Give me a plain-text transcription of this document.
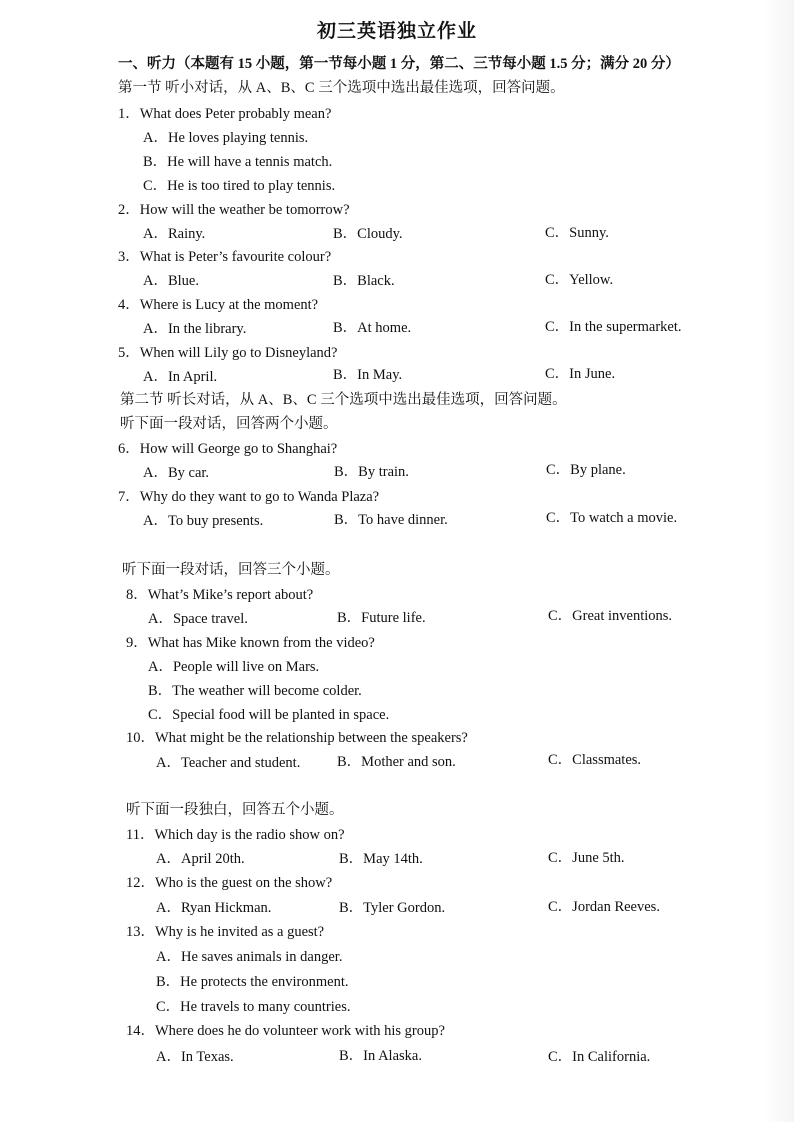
初三英语独立作业
一、听力（本题有 15 小题，第一节每小题 1 分，第二、三节每小题 1.5 分；满分 20 分）
第一节 听小对话，从 A、B、C 三个选项中选出最佳选项，回答问题。
1．What does Peter probably mean?
A．He loves playing tennis.
B．He will have a tennis match.
C．He is too tired to play tennis.
2．How will the weather be tomorrow?
A．Rainy.	B．Cloudy.	C．Sunny.
3．What is Peter’s favourite colour?
A．Blue.	B．Black.	C．Yellow.
4．Where is Lucy at the moment?
A．In the library.	B．At home.	C．In the supermarket.
5．When will Lily go to Disneyland?
A．In April.	B．In May.	C．In June.
第二节 听长对话，从 A、B、C 三个选项中选出最佳选项，回答问题。
听下面一段对话，回答两个小题。
6．How will George go to Shanghai?
A．By car.	B．By train.	C．By plane.
7．Why do they want to go to Wanda Plaza?
A．To buy presents.	B．To have dinner.	C．To watch a movie.
听下面一段对话，回答三个小题。
8．What’s Mike’s report about?
A．Space travel.	B．Future life.	C．Great inventions.
9．What has Mike known from the video?
A．People will live on Mars.
B．The weather will become colder.
C．Special food will be planted in space.
10．What might be the relationship between the speakers?
A．Teacher and student.	B．Mother and son.	C．Classmates.
听下面一段独白，回答五个小题。
11．Which day is the radio show on?
A．April 20th.	B．May 14th.	C．June 5th.
12．Who is the guest on the show?
A．Ryan Hickman.	B．Tyler Gordon.	C．Jordan Reeves.
13．Why is he invited as a guest?
A．He saves animals in danger.
B．He protects the environment.
C．He travels to many countries.
14．Where does he do volunteer work with his group?
A．In Texas.	B．In Alaska.	C．In California.
